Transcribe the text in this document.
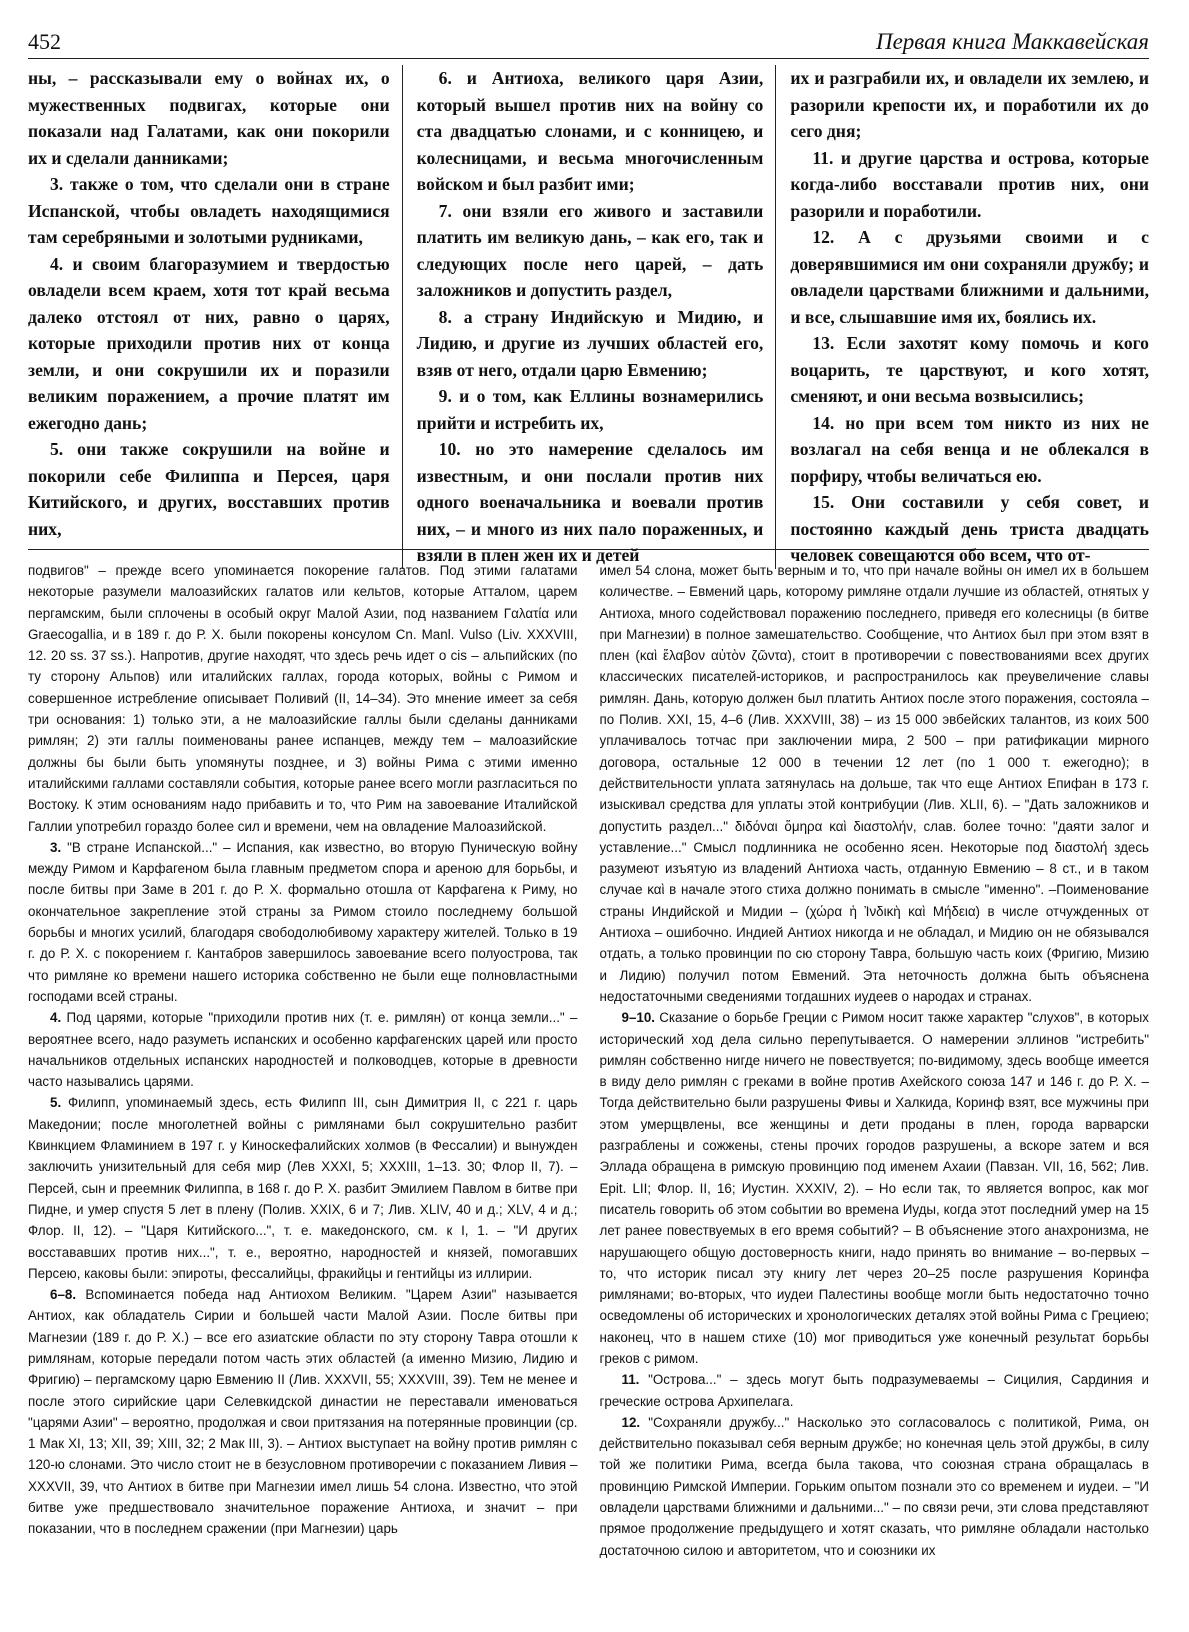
452	Первая книга Маккавейская

ны, – рассказывали ему о войнах их, о мужественных подвигах, которые они показали над Галатами, как они покорили их и сделали данниками;

3. также о том, что сделали они в стране Испанской, чтобы овладеть находящимися там серебряными и золотыми рудниками,

4. и своим благоразумием и твердостью овладели всем краем, хотя тот край весьма далеко отстоял от них, равно о царях, которые приходили против них от конца земли, и они сокрушили их и поразили великим поражением, а прочие платят им ежегодно дань;

5. они также сокрушили на войне и покорили себе Филиппа и Персея, царя Китийского, и других, восставших против них,

6. и Антиоха, великого царя Азии, который вышел против них на войну со ста двадцатью слонами, и с конницею, и колесницами, и весьма многочисленным войском и был разбит ими;

7. они взяли его живого и заставили платить им великую дань, – как его, так и следующих после него царей, – дать заложников и допустить раздел,

8. а страну Индийскую и Мидию, и Лидию, и другие из лучших областей его, взяв от него, отдали царю Евмению;

9. и о том, как Еллины вознамерились прийти и истребить их,

10. но это намерение сделалось им известным, и они послали против них одного военачальника и воевали против них, – и много из них пало пораженных, и взяли в плен жен их и детей

их и разграбили их, и овладели их землею, и разорили крепости их, и поработили их до сего дня;

11. и другие царства и острова, которые когда-либо восставали против них, они разорили и поработили.

12. А с друзьями своими и с доверявшимися им они сохраняли дружбу; и овладели царствами ближними и дальними, и все, слышавшие имя их, боялись их.

13. Если захотят кому помочь и кого воцарить, те царствуют, и кого хотят, сменяют, и они весьма возвысились;

14. но при всем том никто из них не возлагал на себя венца и не облекался в порфиру, чтобы величаться ею.

15. Они составили у себя совет, и постоянно каждый день триста двадцать человек совещаются обо всем, что от-

подвигов" – прежде всего упоминается покорение галатов. Под этими галатами некоторые разумели малоазийских галатов или кельтов, которые Атталом, царем пергамским, были сплочены в особый округ Малой Азии, под названием Γαλατία или Graecogallia, и в 189 г. до Р. Х. были покорены консулом Cn. Manl. Vulso (Liv. XXXVIII, 12. 20 ss. 37 ss.). Напротив, другие находят, что здесь речь идет о cis – альпийских (по ту сторону Альпов) или италийских галлах, города которых, войны с Римом и совершенное истребление описывает Поливий (II, 14–34). Это мнение имеет за себя три основания: 1) только эти, а не малоазийские галлы были сделаны данниками римлян; 2) эти галлы поименованы ранее испанцев, между тем – малоазийские должны бы были быть упомянуты позднее, и 3) войны Рима с этими именно италийскими галлами составляли события, которые ранее всего могли разгласиться по Востоку. К этим основаниям надо прибавить и то, что Рим на завоевание Италийской Галлии употребил гораздо более сил и времени, чем на овладение Малоазийской.

3. "В стране Испанской..." – Испания, как известно, во вторую Пуническую войну между Римом и Карфагеном была главным предметом спора и ареною для борьбы, и после битвы при Заме в 201 г. до Р. Х. формально отошла от Карфагена к Риму, но окончательное закрепление этой страны за Римом стоило последнему большой борьбы и многих усилий, благодаря свободолюбивому характеру жителей. Только в 19 г. до Р. Х. с покорением г. Кантабров завершилось завоевание всего полуострова, так что римляне ко времени нашего историка собственно не были еще полновластными господами всей страны.

4. Под царями, которые "приходили против них (т. е. римлян) от конца земли..." – вероятнее всего, надо разуметь испанских и особенно карфагенских царей или просто начальников отдельных испанских народностей и полководцев, которые в древности часто назывались царями.

5. Филипп, упоминаемый здесь, есть Филипп III, сын Димитрия II, с 221 г. царь Македонии; после многолетней войны с римлянами был сокрушительно разбит Квинкцием Фламинием в 197 г. у Киноскефалийских холмов (в Фессалии) и вынужден заключить унизительный для себя мир (Лев XXXI, 5; XXXIII, 1–13. 30; Флор II, 7). – Персей, сын и преемник Филиппа, в 168 г. до Р. Х. разбит Эмилием Павлом в битве при Пидне, и умер спустя 5 лет в плену (Полив. XXIX, 6 и 7; Лив. XLIV, 40 и д.; XLV, 4 и д.; Флор. II, 12). – "Царя Китийского...", т. е. македонского, см. к I, 1. – "И других восстававших против них...", т. е., вероятно, народностей и князей, помогавших Персею, каковы были: эпироты, фессалийцы, фракийцы и гентийцы из иллирии.

6–8. Вспоминается победа над Антиохом Великим. "Царем Азии" называется Антиох, как обладатель Сирии и большей части Малой Азии. После битвы при Магнезии (189 г. до Р. Х.) – все его азиатские области по эту сторону Тавра отошли к римлянам, которые передали потом часть этих областей (а именно Мизию, Лидию и Фригию) – пергамскому царю Евмению II (Лив. XXXVII, 55; XXXVIII, 39). Тем не менее и после этого сирийские цари Селевкидской династии не переставали именоваться "царями Азии" – вероятно, продолжая и свои притязания на потерянные провинции (ср. 1 Мак XI, 13; XII, 39; XIII, 32; 2 Мак III, 3). – Антиох выступает на войну против римлян с 120-ю слонами. Это число стоит не в безусловном противоречии с показанием Ливия – XXXVII, 39, что Антиох в битве при Магнезии имел лишь 54 слона. Известно, что этой битве уже предшествовало значительное поражение Антиоха, и значит – при показании, что в последнем сражении (при Магнезии) царь

имел 54 слона, может быть верным и то, что при начале войны он имел их в большем количестве. – Евмений царь, которому римляне отдали лучшие из областей, отнятых у Антиоха, много содействовал поражению последнего, приведя его колесницы (в битве при Магнезии) в полное замешательство. Сообщение, что Антиох был при этом взят в плен (καὶ ἔλαβον αὐτὸν ζῶντα), стоит в противоречии с повествованиями всех других классических писателей-историков, и распространилось как преувеличение славы римлян. Дань, которую должен был платить Антиох после этого поражения, состояла – по Полив. XXI, 15, 4–6 (Лив. XXXVIII, 38) – из 15 000 эвбейских талантов, из коих 500 уплачивалось тотчас при заключении мира, 2 500 – при ратификации мирного договора, остальные 12 000 в течении 12 лет (по 1 000 т. ежегодно); в действительности уплата затянулась на дольше, так что еще Антиох Епифан в 173 г. изыскивал средства для уплаты этой контрибуции (Лив. XLII, 6). – "Дать заложников и допустить раздел..." διδόναι ὅμηρα καὶ διαστολήν, слав. более точно: "даяти залог и уставление..." Смысл подлинника не особенно ясен. Некоторые под διαστολή здесь разумеют изъятую из владений Антиоха часть, отданную Евмению – 8 ст., и в таком случае καὶ в начале этого стиха должно понимать в смысле "именно". –Поименование страны Индийской и Мидии – (χώρα ἡ Ἰνδικὴ καὶ Μήδεια) в числе отчужденных от Антиоха – ошибочно. Индией Антиох никогда и не обладал, и Мидию он не обязывался отдать, а только провинции по сю сторону Тавра, большую часть коих (Фригию, Мизию и Лидию) получил потом Евмений. Эта неточность должна быть объяснена недостаточными сведениями тогдашних иудеев о народах и странах.

9–10. Сказание о борьбе Греции с Римом носит также характер "слухов", в которых исторический ход дела сильно перепутывается. О намерении эллинов "истребить" римлян собственно нигде ничего не повествуется; по-видимому, здесь вообще имеется в виду дело римлян с греками в войне против Ахейского союза 147 и 146 г. до Р. Х. – Тогда действительно были разрушены Фивы и Халкида, Коринф взят, все мужчины при этом умерщвлены, все женщины и дети проданы в плен, города варварски разграблены и сожжены, стены прочих городов разрушены, а вскоре затем и вся Эллада обращена в римскую провинцию под именем Ахаии (Павзан. VII, 16, 562; Лив. Epit. LII; Флор. II, 16; Иустин. XXXIV, 2). – Но если так, то является вопрос, как мог писатель говорить об этом событии во времена Иуды, когда этот последний умер на 15 лет ранее повествуемых в его время событий? – В объяснение этого анахронизма, не нарушающего общую достоверность книги, надо принять во внимание – во-первых – то, что историк писал эту книгу лет через 20–25 после разрушения Коринфа римлянами; во-вторых, что иудеи Палестины вообще могли быть недостаточно точно осведомлены об исторических и хронологических деталях этой войны Рима с Грециею; наконец, что в нашем стихе (10) мог приводиться уже конечный результат борьбы греков с римом.

11. "Острова..." – здесь могут быть подразумеваемы – Сицилия, Сардиния и греческие острова Архипелага.

12. "Сохраняли дружбу..." Насколько это согласовалось с политикой, Рима, он действительно показывал себя верным дружбе; но конечная цель этой дружбы, в силу той же политики Рима, всегда была такова, что союзная страна обращалась в провинцию Римской Империи. Горьким опытом познали это со временем и иудеи. – "И овладели царствами ближними и дальними..." – по связи речи, эти слова представляют прямое продолжение предыдущего и хотят сказать, что римляне обладали настолько достаточною силою и авторитетом, что и союзники их
